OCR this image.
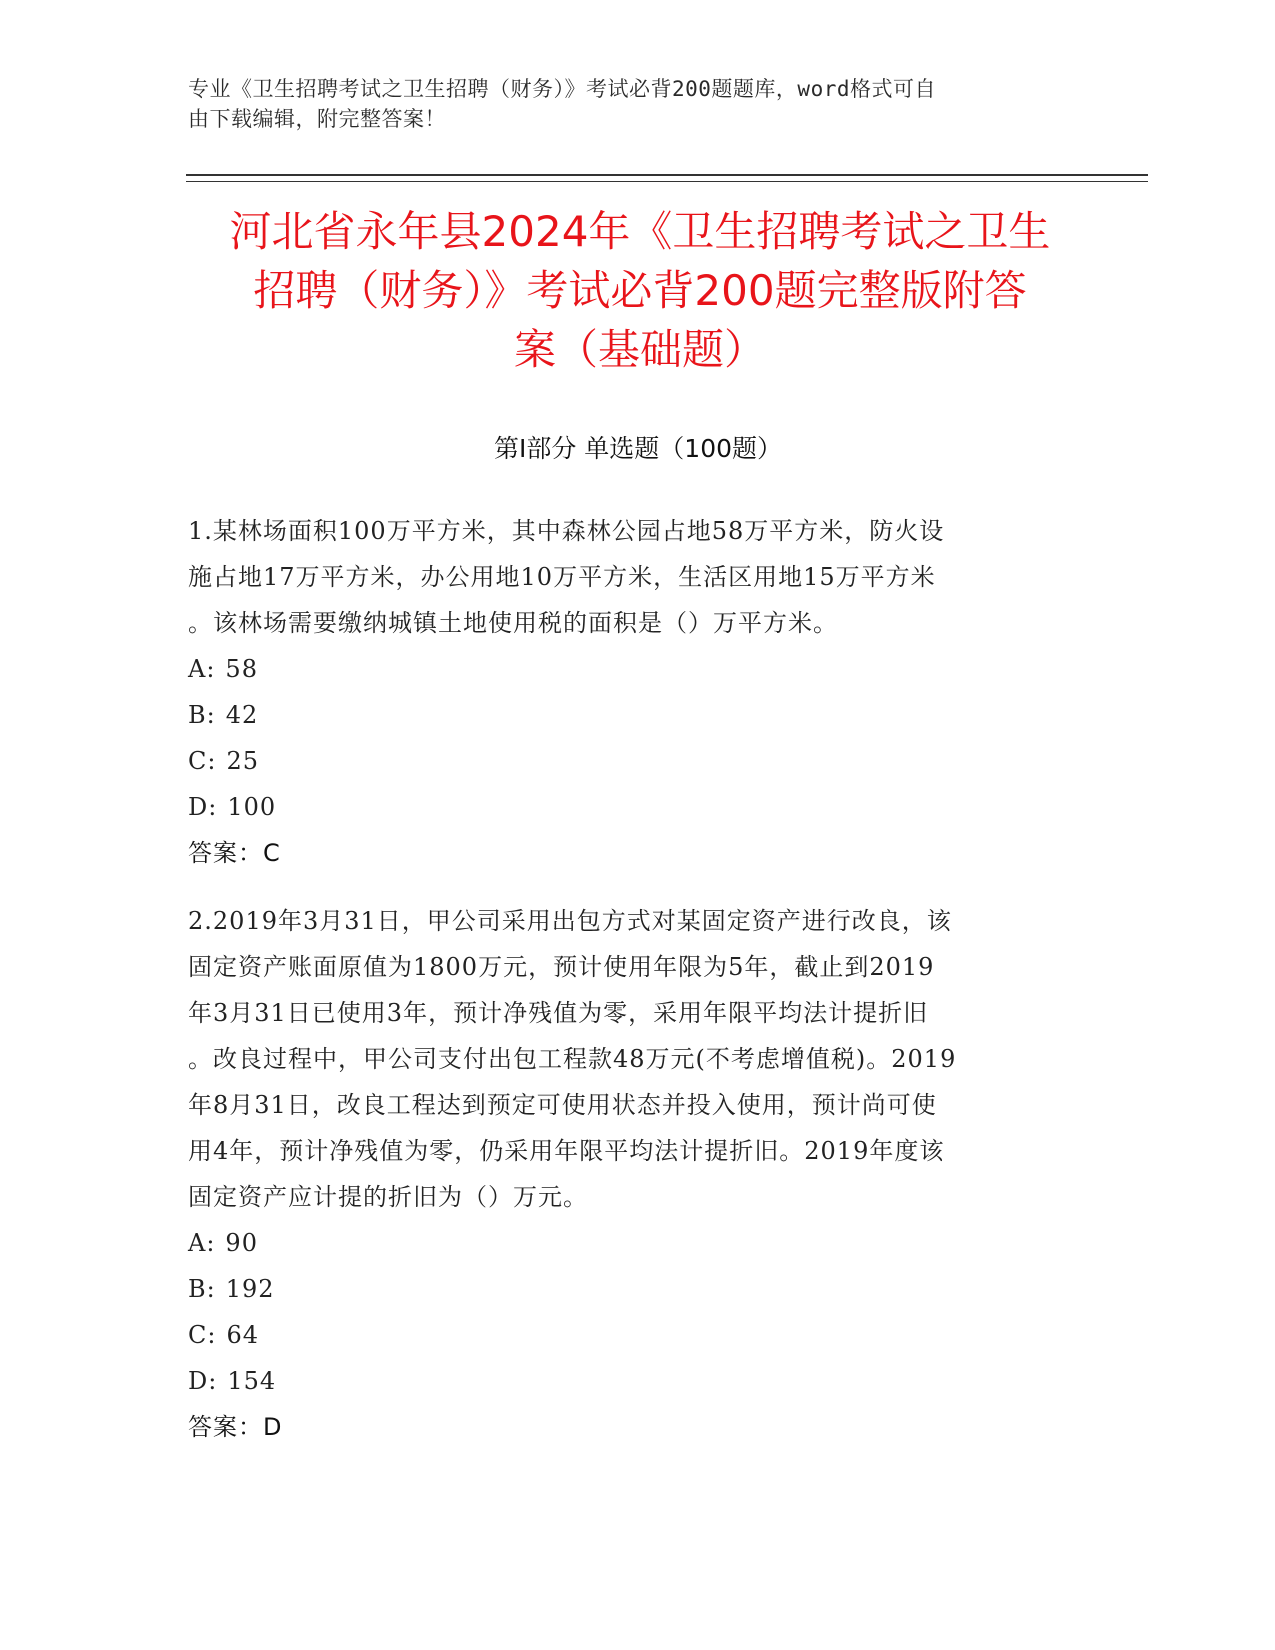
专业《卫生招聘考试之卫生招聘（财务）》考试必背200题题库，word格式可自

由下载编辑，附完整答案！

河北省永年县2024年《卫生招聘考试之卫生

招聘（财务）》考试必背200题完整版附答

案（基础题）

第Ⅰ部分 单选题（100题）

1.某林场面积100万平方米，其中森林公园占地58万平方米，防火设

施占地17万平方米，办公用地10万平方米，生活区用地15万平方米

。该林场需要缴纳城镇土地使用税的面积是（）万平方米。

A: 58

B: 42

C: 25

D: 100

答案：C

2.2019年3月31日，甲公司采用出包方式对某固定资产进行改良，该

固定资产账面原值为1800万元，预计使用年限为5年，截止到2019

年3月31日已使用3年，预计净残值为零，采用年限平均法计提折旧

。改良过程中，甲公司支付出包工程款48万元(不考虑增值税)。2019

年8月31日，改良工程达到预定可使用状态并投入使用，预计尚可使

用4年，预计净残值为零，仍采用年限平均法计提折旧。2019年度该

固定资产应计提的折旧为（）万元。

A: 90

B: 192

C: 64

D: 154

答案：D
